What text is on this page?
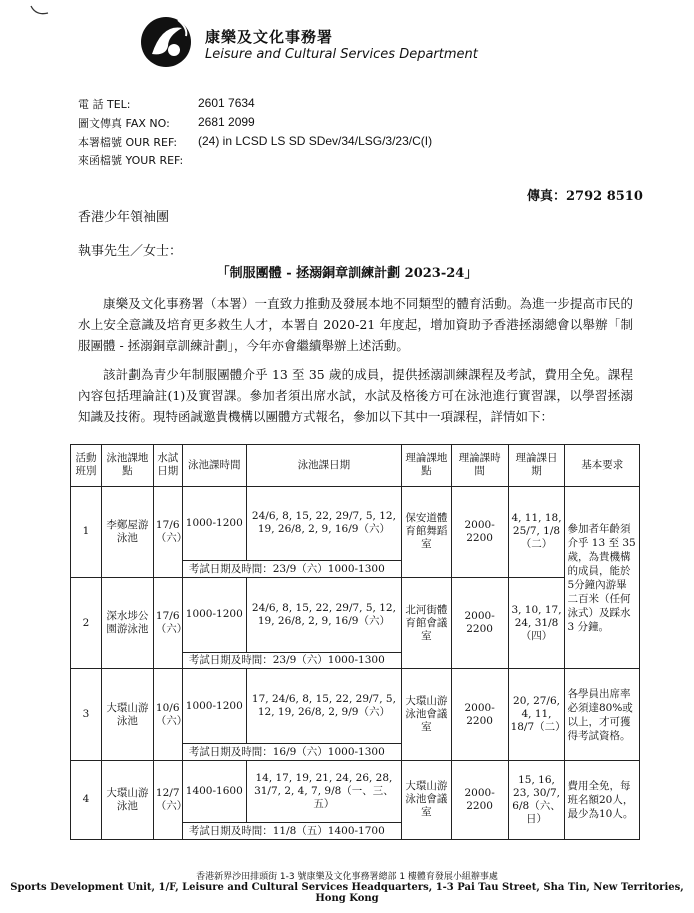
康樂及文化事務署
Leisure and Cultural Services Department
電 話 TEL:	2601 7634
圖文傳真 FAX NO:	2681 2099
本署檔號 OUR REF:	(24) in LCSD LS SD SDev/34/LSG/3/23/C(I)
來函檔號 YOUR REF:
傳真：2792 8510
香港少年領袖團
執事先生／女士：
「制服團體 - 拯溺銅章訓練計劃 2023-24」
康樂及文化事務署（本署）一直致力推動及發展本地不同類型的體育活動。為進一步提高市民的水上安全意識及培育更多救生人才，本署自 2020-21 年度起，增加資助予香港拯溺總會以舉辦「制服團體 - 拯溺銅章訓練計劃」，今年亦會繼續舉辦上述活動。
該計劃為青少年制服團體介乎 13 至 35 歲的成員，提供拯溺訓練課程及考試，費用全免。課程內容包括理論註(1)及實習課。參加者須出席水試，水試及格後方可在泳池進行實習課，以學習拯溺知識及技術。現特函誠邀貴機構以團體方式報名，參加以下其中一項課程，詳情如下：
活動班別	泳池課地點	水試日期	泳池課時間	泳池課日期	理論課地點	理論課時間	理論課日期	基本要求
1	李鄭屋游泳池	17/6（六）	1000-1200	24/6, 8, 15, 22, 29/7, 5, 12, 19, 26/8, 2, 9, 16/9（六）	保安道體育館舞蹈室	2000-2200	4, 11, 18, 25/7, 1/8（二）	參加者年齡須介乎 13 至 35 歲，為貴機構的成員，能於5分鐘內游畢二百米（任何泳式）及踩水 3 分鐘。
			考試日期及時間：23/9（六）1000-1300					
2	深水埗公園游泳池	17/6（六）	1000-1200	24/6, 8, 15, 22, 29/7, 5, 12, 19, 26/8, 2, 9, 16/9（六）	北河街體育館會議室	2000-2200	3, 10, 17, 24, 31/8（四）	
			考試日期及時間：23/9（六）1000-1300					
3	大環山游泳池	10/6（六）	1000-1200	17, 24/6, 8, 15, 22, 29/7, 5, 12, 19, 26/8, 2, 9/9（六）	大環山游泳池會議室	2000-2200	20, 27/6, 4, 11, 18/7（二）	各學員出席率必須達80%或以上，才可獲得考試資格。
			考試日期及時間：16/9（六）1000-1300					
4	大環山游泳池	12/7（六）	1400-1600	14, 17, 19, 21, 24, 26, 28, 31/7, 2, 4, 7, 9/8（一、三、五）	大環山游泳池會議室	2000-2200	15, 16, 23, 30/7, 6/8（六、日）	費用全免，每班名額20人，最少為10人。
			考試日期及時間：11/8（五）1400-1700					
香港新界沙田排頭街 1-3 號康樂及文化事務署總部 1 樓體育發展小組辦事處
Sports Development Unit, 1/F, Leisure and Cultural Services Headquarters, 1-3 Pai Tau Street, Sha Tin, New Territories, Hong Kong
